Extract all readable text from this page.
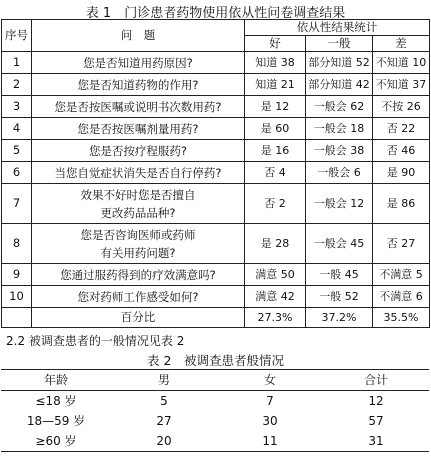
表 1　门诊患者药物使用依从性问卷调查结果
序号	问　题	依从性结果统计		
		好	一般	差
1	您是否知道用药原因?	知道 38	部分知道 52	不知道 10
2	您是否知道药物的作用?	知道 21	部分知道 42	不知道 37
3	您是否按医嘱或说明书次数用药?	是 12	一般会 62	不按 26
4	您是否按医嘱剂量用药?	是 60	一般会 18	否 22
5	您是否按疗程服药?	是 16	一般会 38	否 46
6	当您自觉症状消失是否自行停药?	否 4	一般会 6	是 90
7	效果不好时您是否擅自
更改药品品种?	否 2	一般会 12	是 86
8	您是否咨询医师或药师
有关用药问题?	是 28	一般会 45	否 27
9	您通过服药得到的疗效满意吗?	满意 50	一般 45	不满意 5
10	您对药师工作感受如何?	满意 42	一般 52	不满意 6
	百分比	27.3%	37.2%	35.5%
2.2 被调查患者的一般情况见表 2
表 2　被调查患者般情况
年龄	男	女	合计
≤18 岁	5	7	12
18—59 岁	27	30	57
≥60 岁	20	11	31
